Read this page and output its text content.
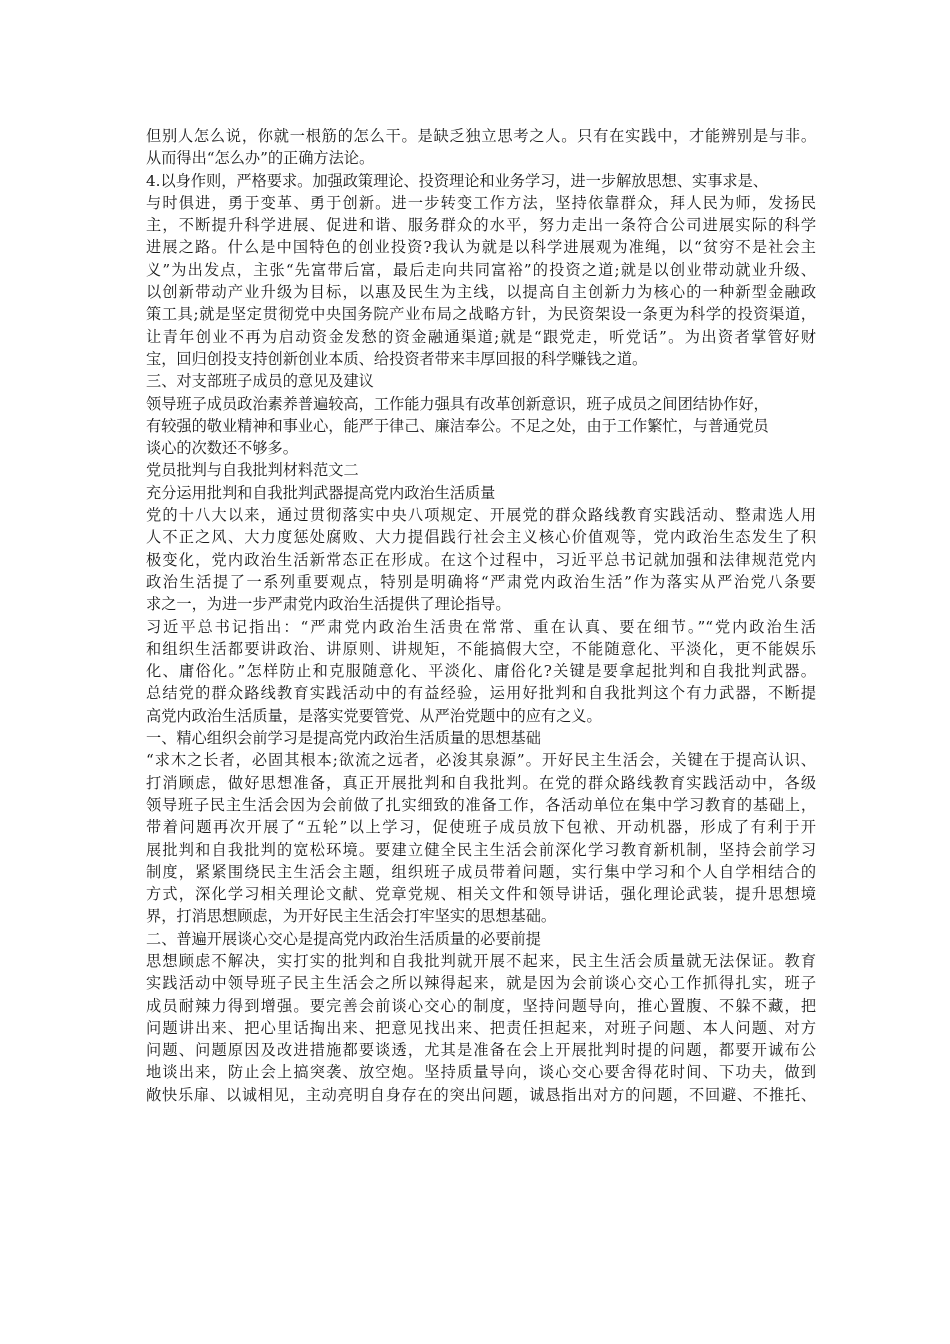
但别人怎么说，你就一根筋的怎么干。是缺乏独立思考之人。只有在实践中，才能辨别是与非。
从而得出“怎么办”的正确方法论。
4.以身作则，严格要求。加强政策理论、投资理论和业务学习，进一步解放思想、实事求是、
与时俱进，勇于变革、勇于创新。进一步转变工作方法，坚持依靠群众，拜人民为师，发扬民
主，不断提升科学进展、促进和谐、服务群众的水平，努力走出一条符合公司进展实际的科学
进展之路。什么是中国特色的创业投资?我认为就是以科学进展观为准绳，以“贫穷不是社会主
义”为出发点，主张“先富带后富，最后走向共同富裕”的投资之道;就是以创业带动就业升级、
以创新带动产业升级为目标，以惠及民生为主线，以提高自主创新力为核心的一种新型金融政
策工具;就是坚定贯彻党中央国务院产业布局之战略方针，为民资架设一条更为科学的投资渠道，
让青年创业不再为启动资金发愁的资金融通渠道;就是“跟党走，听党话”。为出资者掌管好财
宝，回归创投支持创新创业本质、给投资者带来丰厚回报的科学赚钱之道。
三、对支部班子成员的意见及建议
领导班子成员政治素养普遍较高，工作能力强具有改革创新意识，班子成员之间团结协作好，
有较强的敬业精神和事业心，能严于律己、廉洁奉公。不足之处，由于工作繁忙，与普通党员
谈心的次数还不够多。
党员批判与自我批判材料范文二
充分运用批判和自我批判武器提高党内政治生活质量
党的十八大以来，通过贯彻落实中央八项规定、开展党的群众路线教育实践活动、整肃选人用
人不正之风、大力度惩处腐败、大力提倡践行社会主义核心价值观等，党内政治生态发生了积
极变化，党内政治生活新常态正在形成。在这个过程中，习近平总书记就加强和法律规范党内
政治生活提了一系列重要观点，特别是明确将“严肃党内政治生活”作为落实从严治党八条要
求之一，为进一步严肃党内政治生活提供了理论指导。
习近平总书记指出：“严肃党内政治生活贵在常常、重在认真、要在细节。”“党内政治生活
和组织生活都要讲政治、讲原则、讲规矩，不能搞假大空，不能随意化、平淡化，更不能娱乐
化、庸俗化。”怎样防止和克服随意化、平淡化、庸俗化?关键是要拿起批判和自我批判武器。
总结党的群众路线教育实践活动中的有益经验，运用好批判和自我批判这个有力武器，不断提
高党内政治生活质量，是落实党要管党、从严治党题中的应有之义。
一、精心组织会前学习是提高党内政治生活质量的思想基础
“求木之长者，必固其根本;欲流之远者，必浚其泉源”。开好民主生活会，关键在于提高认识、
打消顾虑，做好思想准备，真正开展批判和自我批判。在党的群众路线教育实践活动中，各级
领导班子民主生活会因为会前做了扎实细致的准备工作，各活动单位在集中学习教育的基础上，
带着问题再次开展了“五轮”以上学习，促使班子成员放下包袱、开动机器，形成了有利于开
展批判和自我批判的宽松环境。要建立健全民主生活会前深化学习教育新机制，坚持会前学习
制度，紧紧围绕民主生活会主题，组织班子成员带着问题，实行集中学习和个人自学相结合的
方式，深化学习相关理论文献、党章党规、相关文件和领导讲话，强化理论武装，提升思想境
界，打消思想顾虑，为开好民主生活会打牢坚实的思想基础。
二、普遍开展谈心交心是提高党内政治生活质量的必要前提
思想顾虑不解决，实打实的批判和自我批判就开展不起来，民主生活会质量就无法保证。教育
实践活动中领导班子民主生活会之所以辣得起来，就是因为会前谈心交心工作抓得扎实，班子
成员耐辣力得到增强。要完善会前谈心交心的制度，坚持问题导向，推心置腹、不躲不藏，把
问题讲出来、把心里话掏出来、把意见找出来、把责任担起来，对班子问题、本人问题、对方
问题、问题原因及改进措施都要谈透，尤其是准备在会上开展批判时提的问题，都要开诚布公
地谈出来，防止会上搞突袭、放空炮。坚持质量导向，谈心交心要舍得花时间、下功夫，做到
敞快乐扉、以诚相见，主动亮明自身存在的突出问题，诚恳指出对方的问题，不回避、不推托、
